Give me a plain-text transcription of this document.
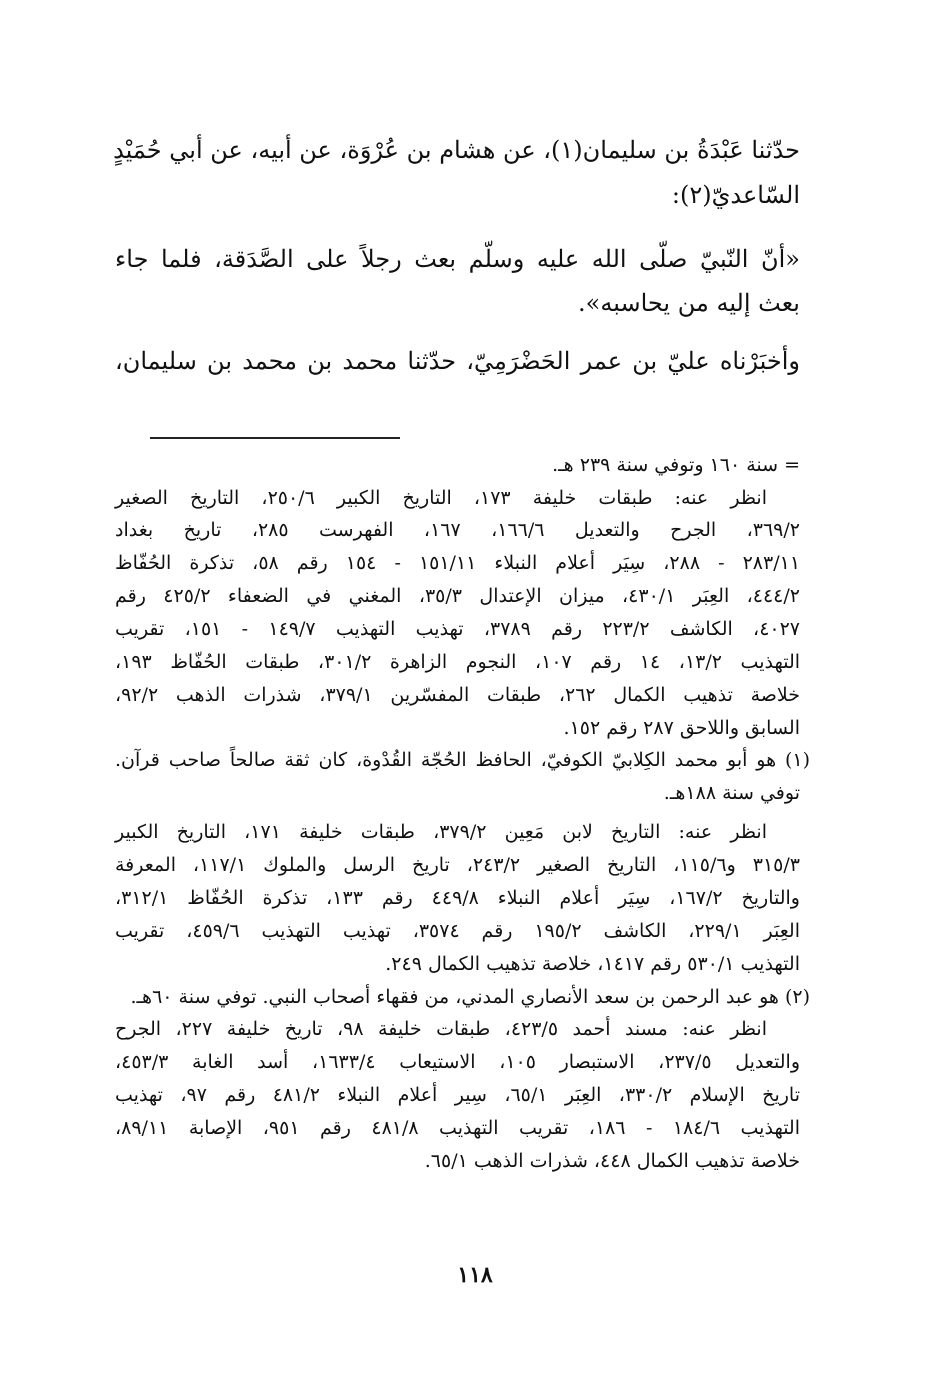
حدّثنا عَبْدَةُ بن سليمان(١)، عن هشام بن عُرْوَة، عن أبيه، عن أبي حُمَيْدٍ
السّاعديّ(٢):
«أنّ النّبيّ صلّى الله عليه وسلّم بعث رجلاً على الصَّدَقة، فلما جاء
بعث إليه من يحاسبه».
وأخبَرْناه عليّ بن عمر الحَضْرَمِيّ، حدّثنا محمد بن محمد بن سليمان،
= سنة ١٦٠ وتوفي سنة ٢٣٩ هـ.
انظر عنه: طبقات خليفة ١٧٣، التاريخ الكبير ٢٥٠/٦، التاريخ الصغير
٣٦٩/٢، الجرح والتعديل ١٦٦/٦، ١٦٧، الفهرست ٢٨٥، تاريخ بغداد
٢٨٣/١١ - ٢٨٨، سِيَر أعلام النبلاء ١٥١/١١ - ١٥٤ رقم ٥٨، تذكرة الحُفّاظ
٤٤٤/٢، العِبَر ٤٣٠/١، ميزان الإعتدال ٣٥/٣، المغني في الضعفاء ٤٢٥/٢ رقم
٤٠٢٧، الكاشف ٢٢٣/٢ رقم ٣٧٨٩، تهذيب التهذيب ١٤٩/٧ - ١٥١، تقريب
التهذيب ١٣/٢، ١٤ رقم ١٠٧، النجوم الزاهرة ٣٠١/٢، طبقات الحُفّاظ ١٩٣،
خلاصة تذهيب الكمال ٢٦٢، طبقات المفسّرين ٣٧٩/١، شذرات الذهب ٩٢/٢،
السابق واللاحق ٢٨٧ رقم ١٥٢.
(١) هو أبو محمد الكِلابيّ الكوفيّ، الحافظ الحُجّة القُدْوة، كان ثقة صالحاً صاحب قرآن.
توفي سنة ١٨٨هـ.
انظر عنه: التاريخ لابن مَعِين ٣٧٩/٢، طبقات خليفة ١٧١، التاريخ الكبير
٣١٥/٣ و١١٥/٦، التاريخ الصغير ٢٤٣/٢، تاريخ الرسل والملوك ١١٧/١، المعرفة
والتاريخ ١٦٧/٢، سِيَر أعلام النبلاء ٤٤٩/٨ رقم ١٣٣، تذكرة الحُفّاظ ٣١٢/١،
العِبَر ٢٢٩/١، الكاشف ١٩٥/٢ رقم ٣٥٧٤، تهذيب التهذيب ٤٥٩/٦، تقريب
التهذيب ٥٣٠/١ رقم ١٤١٧، خلاصة تذهيب الكمال ٢٤٩.
(٢) هو عبد الرحمن بن سعد الأنصاري المدني، من فقهاء أصحاب النبي. توفي سنة ٦٠هـ.
انظر عنه: مسند أحمد ٤٢٣/٥، طبقات خليفة ٩٨، تاريخ خليفة ٢٢٧، الجرح
والتعديل ٢٣٧/٥، الاستبصار ١٠٥، الاستيعاب ١٦٣٣/٤، أسد الغابة ٤٥٣/٣،
تاريخ الإسلام ٣٣٠/٢، العِبَر ٦٥/١، سِير أعلام النبلاء ٤٨١/٢ رقم ٩٧، تهذيب
التهذيب ١٨٤/٦ - ١٨٦، تقريب التهذيب ٤٨١/٨ رقم ٩٥١، الإصابة ٨٩/١١،
خلاصة تذهيب الكمال ٤٤٨، شذرات الذهب ٦٥/١.
١١٨
